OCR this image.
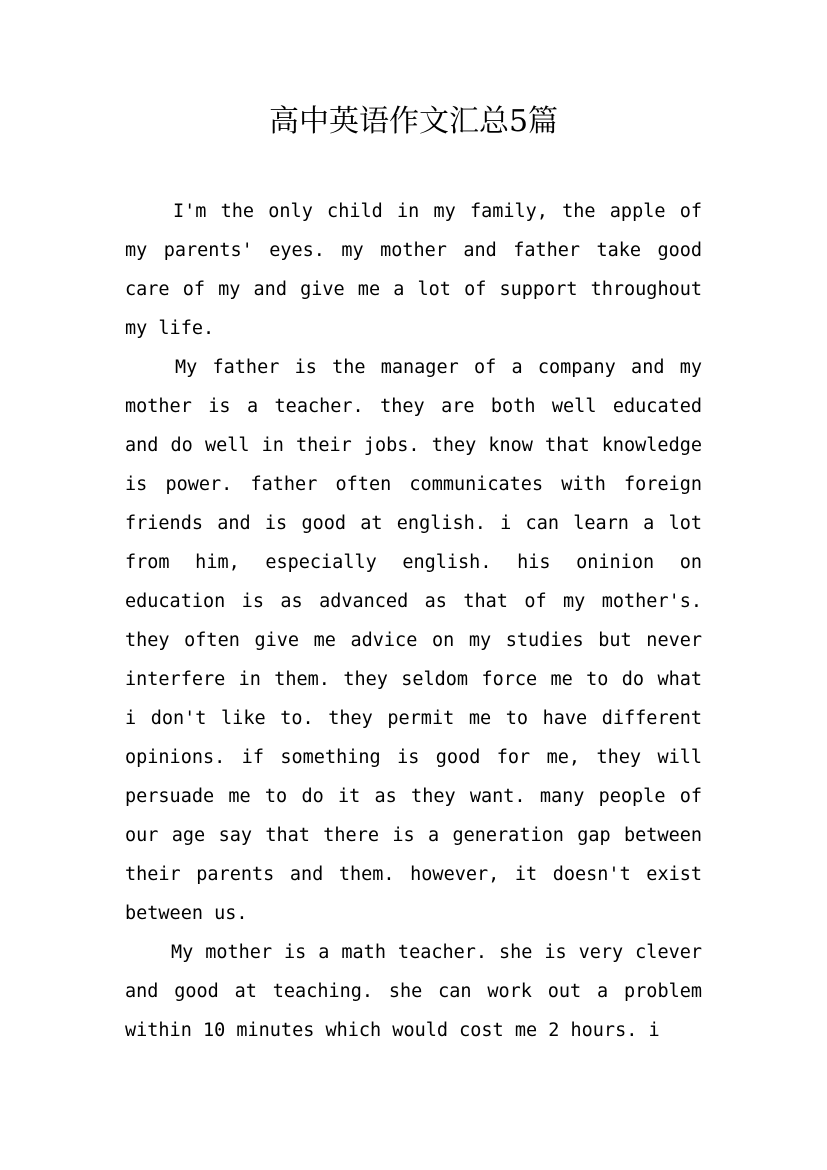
高中英语作文汇总5篇

I'm the only child in my family, the apple of my parents' eyes. my mother and father take good care of my and give me a lot of support throughout my life.

My father is the manager of a company and my mother is a teacher. they are both well educated and do well in their jobs. they know that knowledge is power. father often communicates with foreign friends and is good at english. i can learn a lot from him, especially english. his oninion on education is as advanced as that of my mother's. they often give me advice on my studies but never interfere in them. they seldom force me to do what i don't like to. they permit me to have different opinions. if something is good for me, they will persuade me to do it as they want. many people of our age say that there is a generation gap between their parents and them. however, it doesn't exist between us.

My mother is a math teacher. she is very clever and good at teaching. she can work out a problem within 10 minutes which would cost me 2 hours. i
